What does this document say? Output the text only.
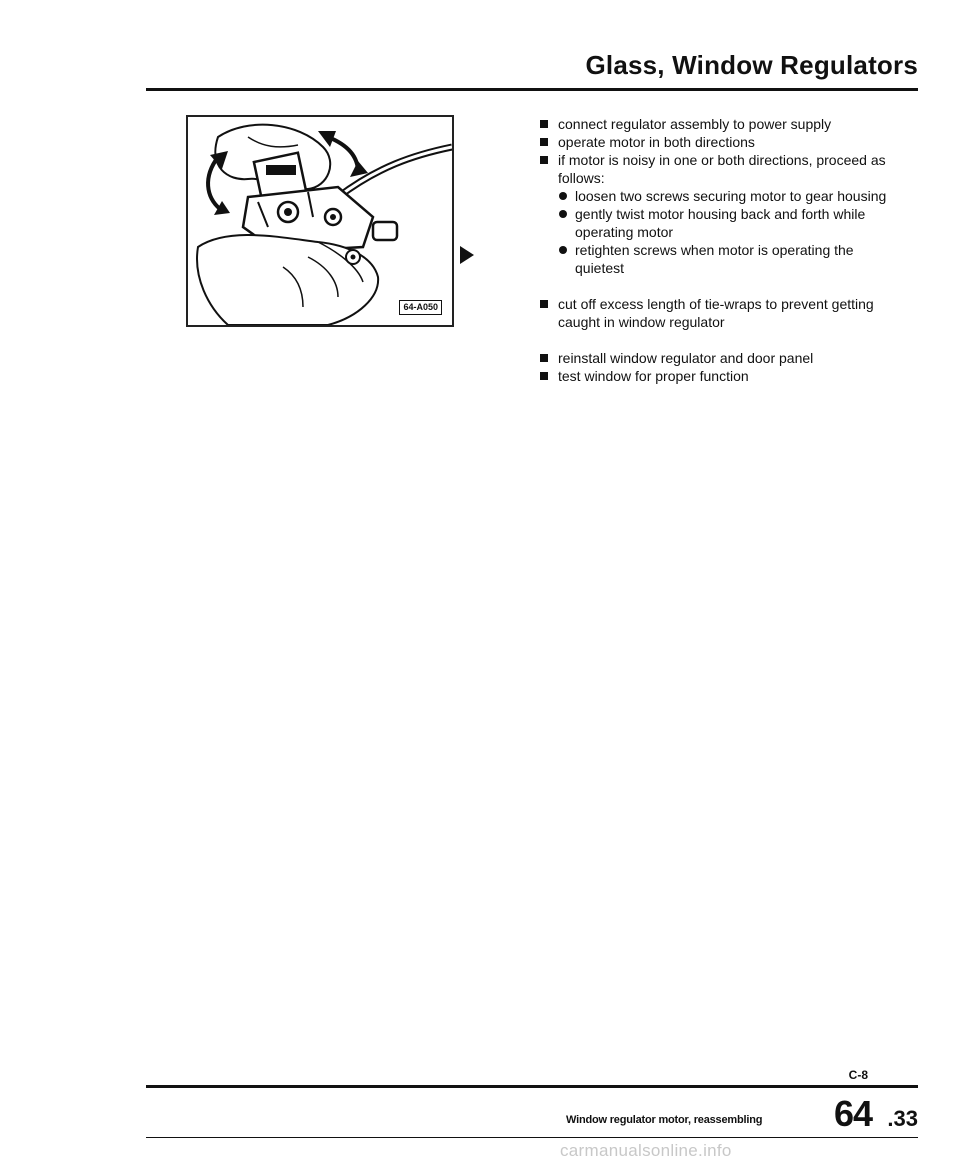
Glass, Window Regulators
64-A050
connect regulator assembly to power supply
operate motor in both directions
if motor is noisy in one or both directions, proceed as follows:
loosen two screws securing motor to gear housing
gently twist motor housing back and forth while operating motor
retighten screws when motor is operating the quietest
cut off excess length of tie-wraps to prevent getting caught in window regulator
reinstall window regulator and door panel
test window for proper function
C-8
Window regulator motor, reassembling 64 .33
carmanualsonline.info
